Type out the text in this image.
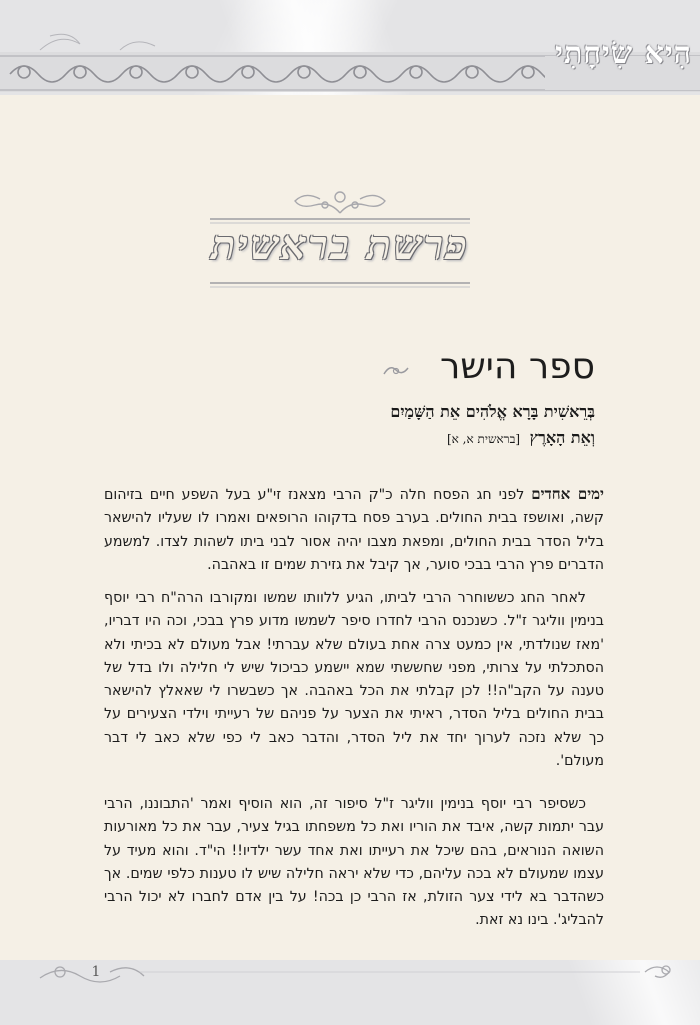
הִיא שִׂיחָתִי
פרשת בראשית
ספר הישר
בְּרֵאשִׁית בָּרָא אֱלֹהִים אֵת הַשָּׁמַיִם
וְאֵת הָאָרֶץ [בראשית א, א]
ימים אחדים לפני חג הפסח חלה כ"ק הרבי מצאנז זי"ע בעל השפע חיים בזיהום קשה, ואושפז בבית החולים. בערב פסח בדקוהו הרופאים ואמרו לו שעליו להישאר בליל הסדר בבית החולים, ומפאת מצבו יהיה אסור לבני ביתו לשהות לצדו. למשמע הדברים פרץ הרבי בבכי סוער, אך קיבל את גזירת שמים זו באהבה.
לאחר החג כששוחרר הרבי לביתו, הגיע ללוותו שמשו ומקורבו הרה"ח רבי יוסף בנימין ווליגר ז"ל. כשנכנס הרבי לחדרו סיפר לשמשו מדוע פרץ בבכי, וכה היו דבריו, 'מאז שנולדתי, אין כמעט צרה אחת בעולם שלא עברתי! אבל מעולם לא בכיתי ולא הסתכלתי על צרותי, מפני שחששתי שמא יישמע כביכול שיש לי חלילה ולו בדל של טענה על הקב"ה!! לכן קבלתי את הכל באהבה. אך כשבשרו לי שאאלץ להישאר בבית החולים בליל הסדר, ראיתי את הצער על פניהם של רעייתי וילדי הצעירים על כך שלא נזכה לערוך יחד את ליל הסדר, והדבר כאב לי כפי שלא כאב לי דבר מעולם'.
כשסיפר רבי יוסף בנימין ווליגר ז"ל סיפור זה, הוא הוסיף ואמר 'התבוננו, הרבי עבר יתמות קשה, איבד את הוריו ואת כל משפחתו בגיל צעיר, עבר את כל מאורעות השואה הנוראים, בהם שיכל את רעייתו ואת אחד עשר ילדיו!! הי"ד. והוא מעיד על עצמו שמעולם לא בכה עליהם, כדי שלא יראה חלילה שיש לו טענות כלפי שמים. אך כשהדבר בא לידי צער הזולת, אז הרבי כן בכה! על בין אדם לחברו לא יכול הרבי להבליג'. בינו נא זאת.
1
